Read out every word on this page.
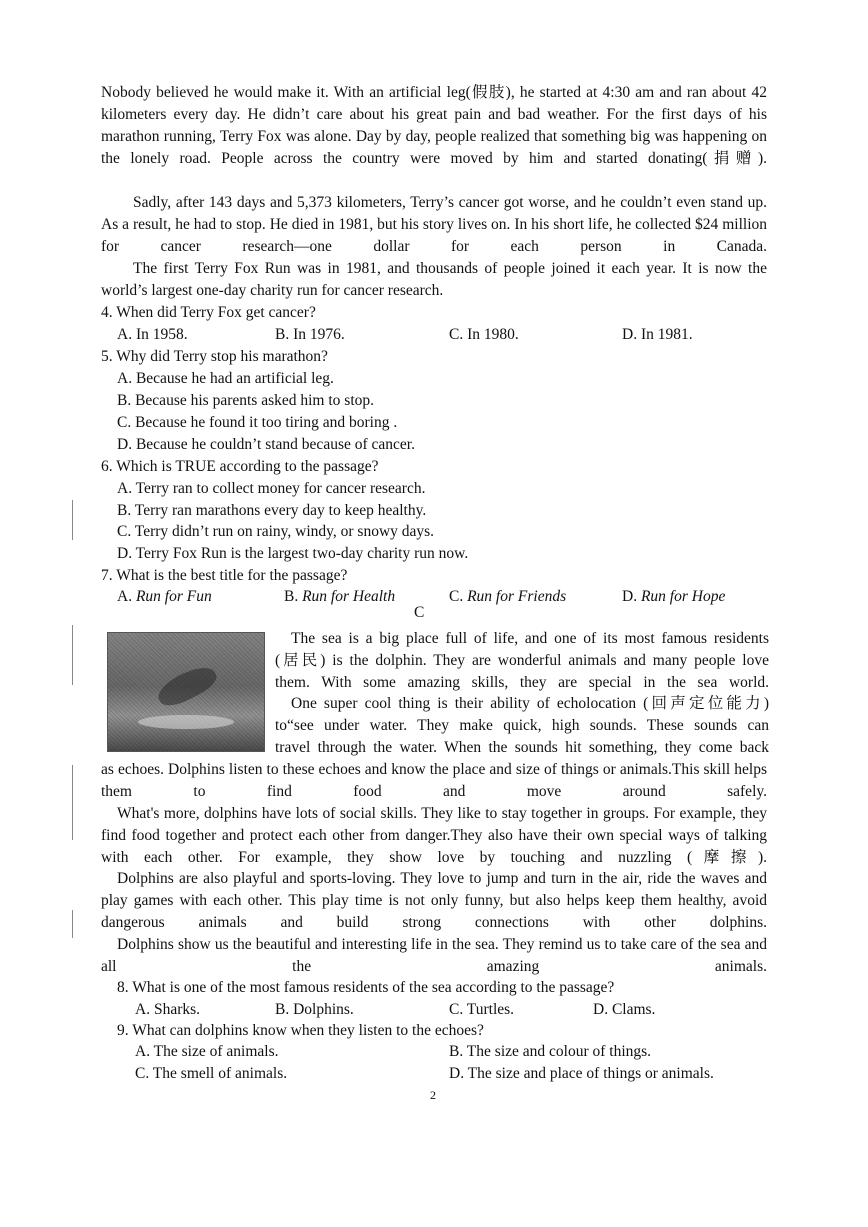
Nobody believed he would make it. With an artificial leg(假肢), he started at 4:30 am and ran about 42 kilometers every day. He didn’t care about his great pain and bad weather. For the first days of his marathon running, Terry Fox was alone. Day by day, people realized that something big was happening on the lonely road. People across the country were moved by him and started donating(捐赠).

Sadly, after 143 days and 5,373 kilometers, Terry’s cancer got worse, and he couldn’t even stand up. As a result, he had to stop. He died in 1981, but his story lives on. In his short life, he collected $24 million for cancer research—one dollar for each person in Canada.

The first Terry Fox Run was in 1981, and thousands of people joined it each year. It is now the world’s largest one-day charity run for cancer research.

4. When did Terry Fox get cancer?
A. In 1958.	B. In 1976.	C. In 1980.	D. In 1981.
5. Why did Terry stop his marathon?
A. Because he had an artificial leg.
B. Because his parents asked him to stop.
C. Because he found it too tiring and boring .
D. Because he couldn’t stand because of cancer.
6. Which is TRUE according to the passage?
A. Terry ran to collect money for cancer research.
B. Terry ran marathons every day to keep healthy.
C. Terry didn’t run on rainy, windy, or snowy days.
D. Terry Fox Run is the largest two-day charity run now.
7. What is the best title for the passage?
A. Run for Fun	B. Run for Health	C. Run for Friends	D. Run for Hope
C
The sea is a big place full of life, and one of its most famous residents
(居民) is the dolphin. They are wonderful animals and many people love
them. With some amazing skills, they are special in the sea world.
One super cool thing is their ability of echolocation (回声定位能力)
to“see under water. They make quick, high sounds. These sounds can
travel through the water. When the sounds hit something, they come back

as echoes. Dolphins listen to these echoes and know the place and size of things or animals.This skill helps them to find food and move around safely.

What's more, dolphins have lots of social skills. They like to stay together in groups. For example, they find food together and protect each other from danger.They also have their own special ways of talking with each other. For example, they show love by touching and nuzzling (摩擦).

Dolphins are also playful and sports-loving. They love to jump and turn in the air, ride the waves and play games with each other. This play time is not only funny, but also helps keep them healthy, avoid dangerous animals and build strong connections with other dolphins.

Dolphins show us the beautiful and interesting life in the sea. They remind us to take care of the sea and all the amazing animals.

8. What is one of the most famous residents of the sea according to the passage?
A. Sharks.	B. Dolphins.	C. Turtles.	D. Clams.
9. What can dolphins know when they listen to the echoes?
A. The size of animals.	B. The size and colour of things.
C. The smell of animals.	D. The size and place of things or animals.
2
